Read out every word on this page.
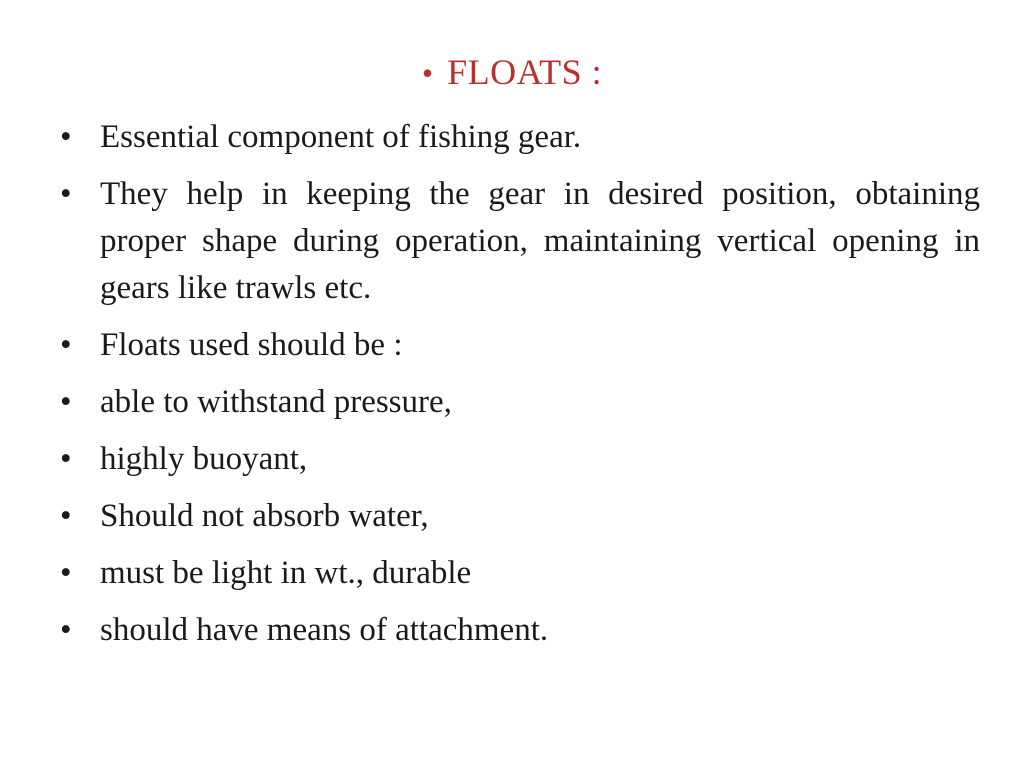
• FLOATS :
• Essential component of fishing gear.
• They help in keeping the gear in desired position, obtaining proper shape during operation, maintaining vertical opening in gears like trawls etc.
• Floats used should be :
• able to withstand pressure,
• highly buoyant,
• Should not absorb water,
• must be light in wt., durable
• should have means of attachment.
